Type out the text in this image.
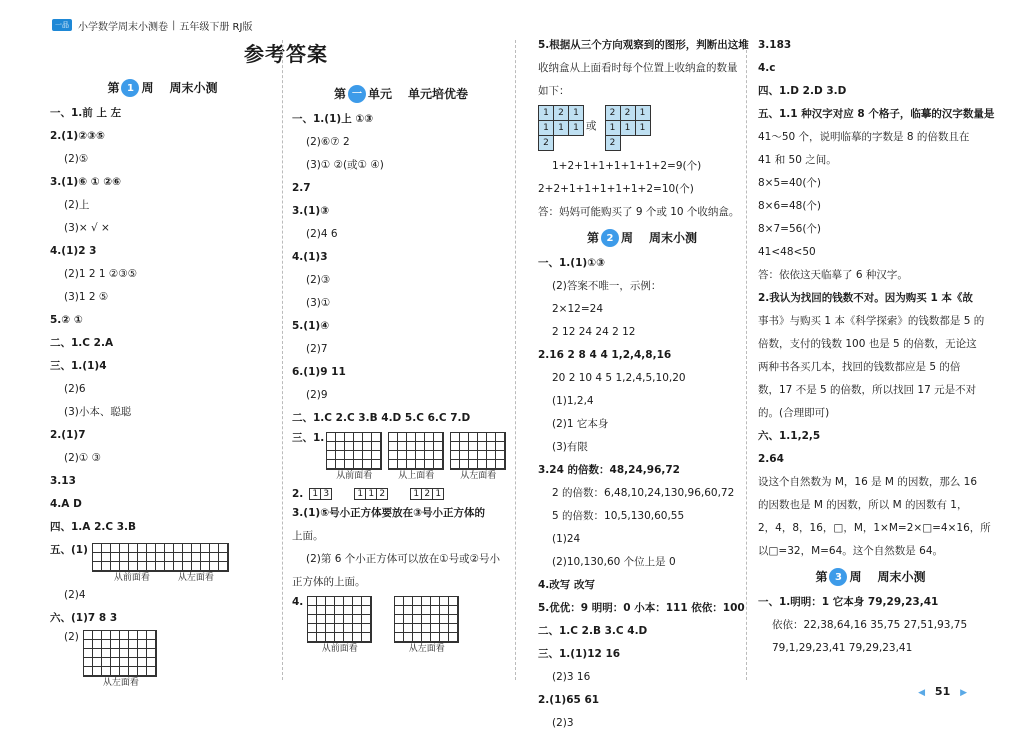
一品 小学数学周末小测卷 | 五年级下册 RJ版
参考答案
第 1 周 周末小测
一、1.前 上 左
2.(1)②③⑤
(2)⑤
3.(1)⑥ ① ②⑥
(2)上
(3)× √ ×
4.(1)2 3
(2)1 2 1 ②③⑤
(3)1 2 ⑤
5.② ①
二、1.C 2.A
三、1.(1)4
(2)6
(3)小本、聪聪
2.(1)7
(2)① ③
3.13
4.A D
四、1.A 2.C 3.B
五、(1)
从前面看	从左面看
(2)4
六、(1)7 8 3
(2)
从左面看
第 一 单元 单元培优卷
一、1.(1)上 ①③
(2)⑥⑦ 2
(3)① ②(或① ④)
2.7
3.(1)③
(2)4 6
4.(1)3
(2)③
(3)①
5.(1)④
(2)7
6.(1)9 11
(2)9
二、1.C 2.C 3.B 4.D 5.C 6.C 7.D
三、1.
从前面看	从上面看	从左面看
2. 1 3	1 1 2	1 2 1
3.(1)⑤号小正方体要放在③号小正方体的
上面。
(2)第 6 个小正方体可以放在①号或②号小
正方体的上面。
4.
从前面看	从左面看
5.根据从三个方向观察到的图形，判断出这堆
收纳盒从上面看时每个位置上收纳盒的数量
如下：
1	2	1
1	1	1
2
或
2	2	1
1	1	1
2
1+2+1+1+1+1+1+2=9(个)
2+2+1+1+1+1+1+2=10(个)
答：妈妈可能购买了 9 个或 10 个收纳盒。
第 2 周 周末小测
一、1.(1)①③
(2)答案不唯一，示例：
2×12=24
2 12 24 24 2 12
2.16 2 8 4 4 1,2,4,8,16
20 2 10 4 5 1,2,4,5,10,20
(1)1,2,4
(2)1 它本身
(3)有限
3.24 的倍数：48,24,96,72
2 的倍数：6,48,10,24,130,96,60,72
5 的倍数：10,5,130,60,55
(1)24
(2)10,130,60 个位上是 0
4.改写 改写
5.优优：9 明明：0 小本：111 依依：100
二、1.C 2.B 3.C 4.D
三、1.(1)12 16
(2)3 16
2.(1)65 61
(2)3
3.183
4.c
四、1.D 2.D 3.D
五、1.1 种汉字对应 8 个格子，临摹的汉字数量是
41～50 个，说明临摹的字数是 8 的倍数且在
41 和 50 之间。
8×5=40(个)
8×6=48(个)
8×7=56(个)
41<48<50
答：依依这天临摹了 6 种汉字。
2.我认为找回的钱数不对。因为购买 1 本《故
事书》与购买 1 本《科学探索》的钱数都是 5 的
倍数，支付的钱数 100 也是 5 的倍数，无论这
两种书各买几本，找回的钱数都应是 5 的倍
数，17 不是 5 的倍数，所以找回 17 元是不对
的。(合理即可)
六、1.1,2,5
2.64
设这个自然数为 M，16 是 M 的因数，那么 16
的因数也是 M 的因数，所以 M 的因数有 1，
2，4，8，16，□，M，1×M=2×□=4×16，所
以□=32，M=64。这个自然数是 64。
第 3 周 周末小测
一、1.明明：1 它本身 79,29,23,41
依依：22,38,64,16 35,75 27,51,93,75
79,1,29,23,41 79,29,23,41
◀ 51 ▶
